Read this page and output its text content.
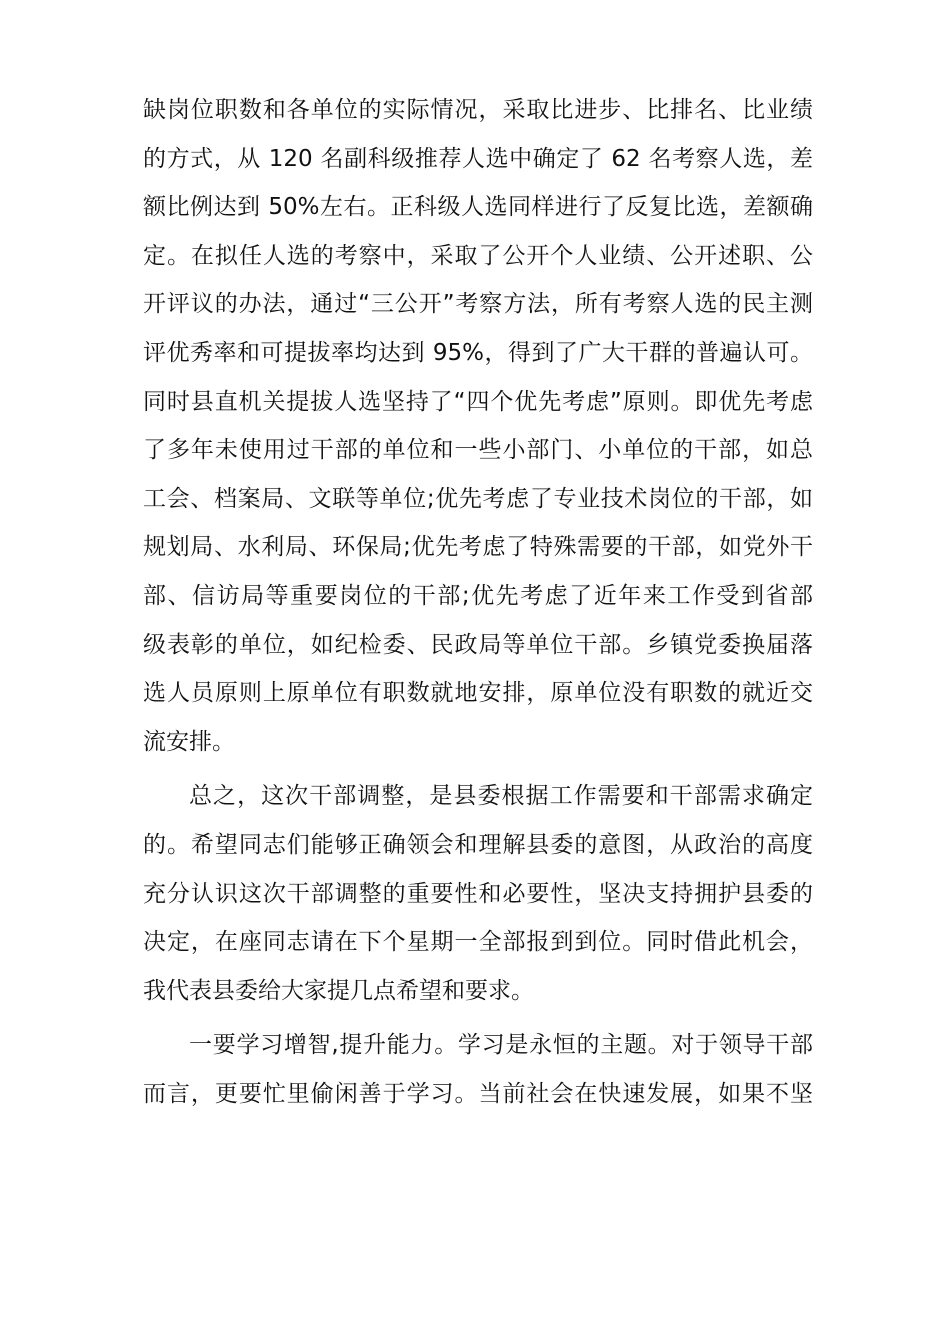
缺岗位职数和各单位的实际情况，采取比进步、比排名、比业绩
的方式，从 120 名副科级推荐人选中确定了 62 名考察人选，差
额比例达到 50%左右。正科级人选同样进行了反复比选，差额确
定。在拟任人选的考察中，采取了公开个人业绩、公开述职、公
开评议的办法，通过“三公开”考察方法，所有考察人选的民主测
评优秀率和可提拔率均达到 95%，得到了广大干群的普遍认可。
同时县直机关提拔人选坚持了“四个优先考虑”原则。即优先考虑
了多年未使用过干部的单位和一些小部门、小单位的干部，如总
工会、档案局、文联等单位;优先考虑了专业技术岗位的干部，如
规划局、水利局、环保局;优先考虑了特殊需要的干部，如党外干
部、信访局等重要岗位的干部;优先考虑了近年来工作受到省部
级表彰的单位，如纪检委、民政局等单位干部。乡镇党委换届落
选人员原则上原单位有职数就地安排，原单位没有职数的就近交
流安排。
总之，这次干部调整，是县委根据工作需要和干部需求确定
的。希望同志们能够正确领会和理解县委的意图，从政治的高度
充分认识这次干部调整的重要性和必要性，坚决支持拥护县委的
决定，在座同志请在下个星期一全部报到到位。同时借此机会，
我代表县委给大家提几点希望和要求。
一要学习增智,提升能力。学习是永恒的主题。对于领导干部
而言，更要忙里偷闲善于学习。当前社会在快速发展，如果不坚
